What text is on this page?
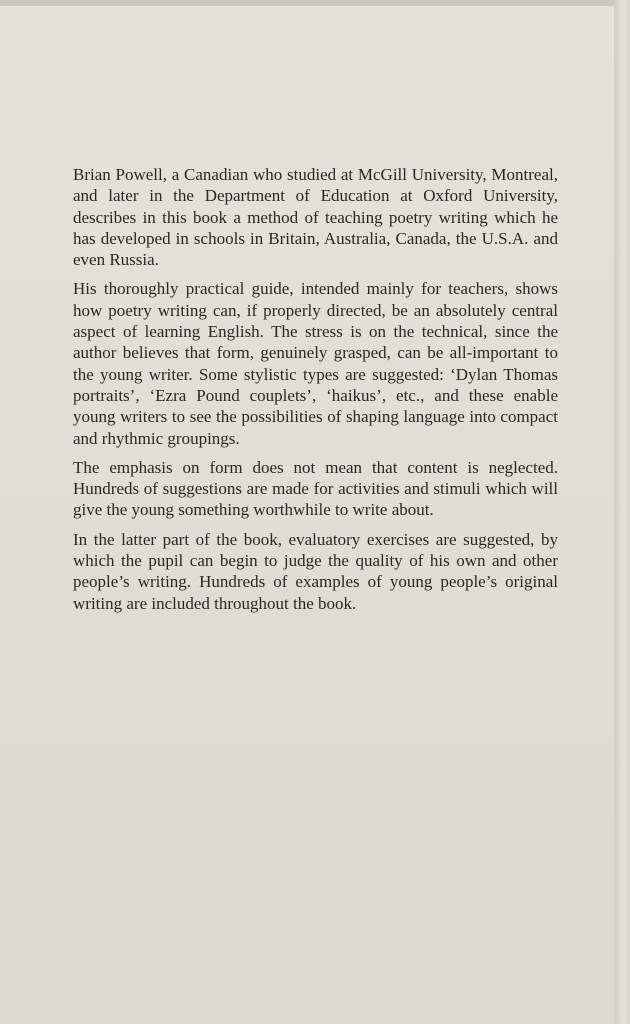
Brian Powell, a Canadian who studied at McGill University, Montreal, and later in the Department of Education at Oxford University, describes in this book a method of teaching poetry writing which he has developed in schools in Britain, Australia, Canada, the U.S.A. and even Russia.

His thoroughly practical guide, intended mainly for teachers, shows how poetry writing can, if properly directed, be an absolutely central aspect of learning English. The stress is on the technical, since the author believes that form, genuinely grasped, can be all-important to the young writer. Some stylistic types are suggested: ‘Dylan Thomas portraits’, ‘Ezra Pound couplets’, ‘haikus’, etc., and these enable young writers to see the possibilities of shaping language into compact and rhythmic groupings.

The emphasis on form does not mean that content is neglected. Hundreds of suggestions are made for activities and stimuli which will give the young something worthwhile to write about.

In the latter part of the book, evaluatory exercises are suggested, by which the pupil can begin to judge the quality of his own and other people’s writing. Hundreds of examples of young people’s original writing are included throughout the book.
